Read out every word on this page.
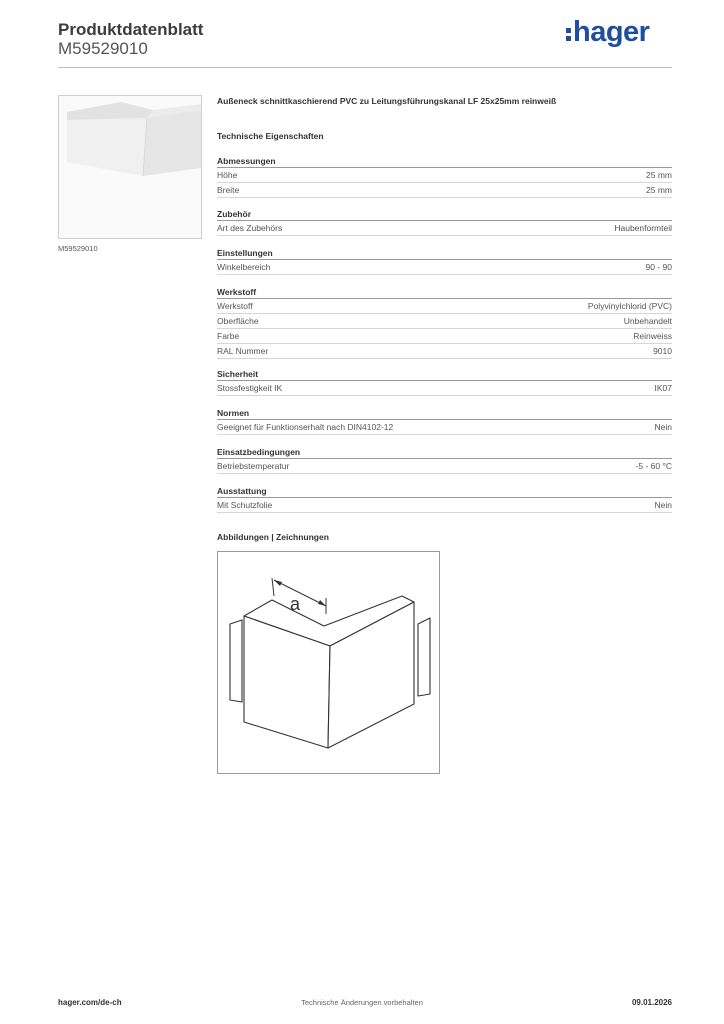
Produktdatenblatt
M59529010
hager
M59529010
Außeneck schnittkaschierend PVC zu Leitungsführungskanal LF 25x25mm reinweiß
Technische Eigenschaften
Abmessungen
Höhe	25 mm
Breite	25 mm
Zubehör
Art des Zubehörs	Haubenformteil
Einstellungen
Winkelbereich	90 - 90
Werkstoff
Werkstoff	Polyvinylchlorid (PVC)
Oberfläche	Unbehandelt
Farbe	Reinweiss
RAL Nummer	9010
Sicherheit
Stossfestigkeit IK	IK07
Normen
Geeignet für Funktionserhalt nach DIN4102-12	Nein
Einsatzbedingungen
Betriebstemperatur	-5 - 60 °C
Ausstattung
Mit Schutzfolie	Nein
Abbildungen | Zeichnungen
a
hager.com/de-ch	Technische Änderungen vorbehalten	09.01.2026
